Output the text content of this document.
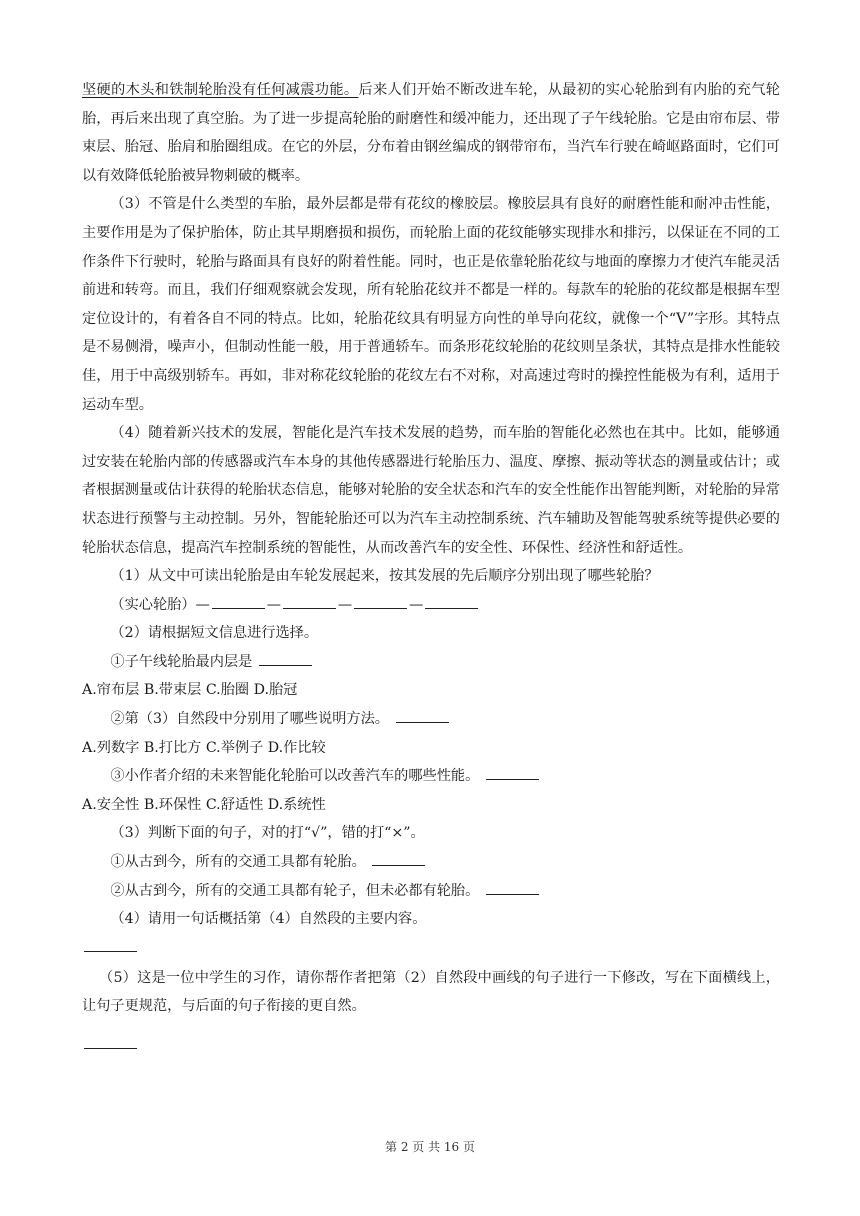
坚硬的木头和铁制轮胎没有任何减震功能。后来人们开始不断改进车轮，从最初的实心轮胎到有内胎的充气轮胎，再后来出现了真空胎。为了进一步提高轮胎的耐磨性和缓冲能力，还出现了子午线轮胎。它是由帘布层、带束层、胎冠、胎肩和胎圈组成。在它的外层，分布着由钢丝编成的钢带帘布，当汽车行驶在崎岖路面时，它们可以有效降低轮胎被异物刺破的概率。

（3）不管是什么类型的车胎，最外层都是带有花纹的橡胶层。橡胶层具有良好的耐磨性能和耐冲击性能，主要作用是为了保护胎体，防止其早期磨损和损伤，而轮胎上面的花纹能够实现排水和排污，以保证在不同的工作条件下行驶时，轮胎与路面具有良好的附着性能。同时，也正是依靠轮胎花纹与地面的摩擦力才使汽车能灵活前进和转弯。而且，我们仔细观察就会发现，所有轮胎花纹并不都是一样的。每款车的轮胎的花纹都是根据车型定位设计的，有着各自不同的特点。比如，轮胎花纹具有明显方向性的单导向花纹，就像一个“V”字形。其特点是不易侧滑，噪声小，但制动性能一般，用于普通轿车。而条形花纹轮胎的花纹则呈条状，其特点是排水性能较佳，用于中高级别轿车。再如，非对称花纹轮胎的花纹左右不对称，对高速过弯时的操控性能极为有利，适用于运动车型。

（4）随着新兴技术的发展，智能化是汽车技术发展的趋势，而车胎的智能化必然也在其中。比如，能够通过安装在轮胎内部的传感器或汽车本身的其他传感器进行轮胎压力、温度、摩擦、振动等状态的测量或估计；或者根据测量或估计获得的轮胎状态信息，能够对轮胎的安全状态和汽车的安全性能作出智能判断，对轮胎的异常状态进行预警与主动控制。另外，智能轮胎还可以为汽车主动控制系统、汽车辅助及智能驾驶系统等提供必要的轮胎状态信息，提高汽车控制系统的智能性，从而改善汽车的安全性、环保性、经济性和舒适性。

（1）从文中可读出轮胎是由车轮发展起来，按其发展的先后顺序分别出现了哪些轮胎？

（实心轮胎）—	—	—	—

（2）请根据短文信息进行选择。

①子午线轮胎最内层是

A.帘布层 B.带束层 C.胎圈 D.胎冠

②第（3）自然段中分别用了哪些说明方法。

A.列数字 B.打比方 C.举例子 D.作比较

③小作者介绍的未来智能化轮胎可以改善汽车的哪些性能。

A.安全性 B.环保性 C.舒适性 D.系统性

（3）判断下面的句子，对的打“√”，错的打“×”。

①从古到今，所有的交通工具都有轮胎。

②从古到今，所有的交通工具都有轮子，但未必都有轮胎。

（4）请用一句话概括第（4）自然段的主要内容。

（5）这是一位中学生的习作，请你帮作者把第（2）自然段中画线的句子进行一下修改，写在下面横线上，让句子更规范，与后面的句子衔接的更自然。

第 2 页 共 16 页
